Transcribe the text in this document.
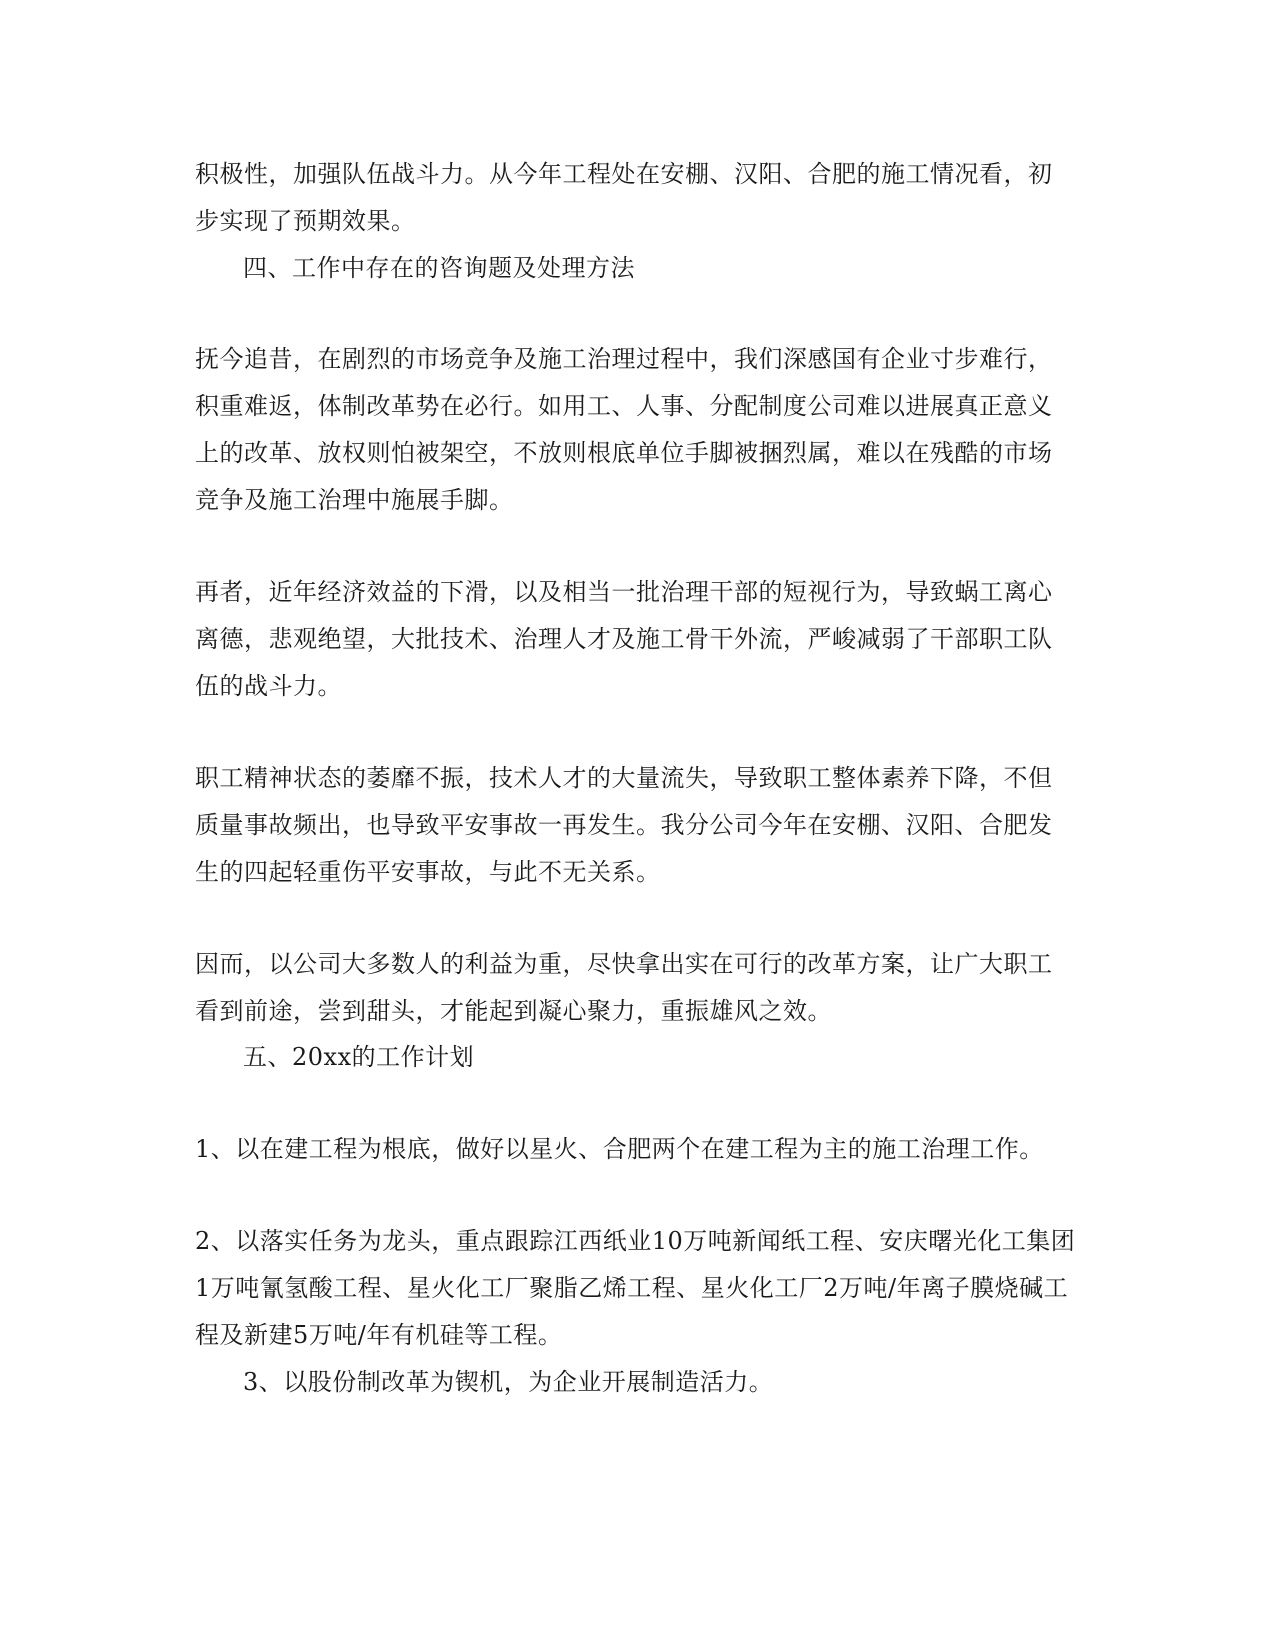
积极性，加强队伍战斗力。从今年工程处在安棚、汉阳、合肥的施工情况看，初
步实现了预期效果。
四、工作中存在的咨询题及处理方法
抚今追昔，在剧烈的市场竞争及施工治理过程中，我们深感国有企业寸步难行，
积重难返，体制改革势在必行。如用工、人事、分配制度公司难以进展真正意义
上的改革、放权则怕被架空，不放则根底单位手脚被捆烈属，难以在残酷的市场
竞争及施工治理中施展手脚。
再者，近年经济效益的下滑，以及相当一批治理干部的短视行为，导致蜗工离心
离德，悲观绝望，大批技术、治理人才及施工骨干外流，严峻减弱了干部职工队
伍的战斗力。
职工精神状态的萎靡不振，技术人才的大量流失，导致职工整体素养下降，不但
质量事故频出，也导致平安事故一再发生。我分公司今年在安棚、汉阳、合肥发
生的四起轻重伤平安事故，与此不无关系。
因而，以公司大多数人的利益为重，尽快拿出实在可行的改革方案，让广大职工
看到前途，尝到甜头，才能起到凝心聚力，重振雄风之效。
五、20xx的工作计划
1、以在建工程为根底，做好以星火、合肥两个在建工程为主的施工治理工作。
2、以落实任务为龙头，重点跟踪江西纸业10万吨新闻纸工程、安庆曙光化工集团
1万吨氰氢酸工程、星火化工厂聚脂乙烯工程、星火化工厂2万吨/年离子膜烧碱工
程及新建5万吨/年有机硅等工程。
3、以股份制改革为锲机，为企业开展制造活力。
